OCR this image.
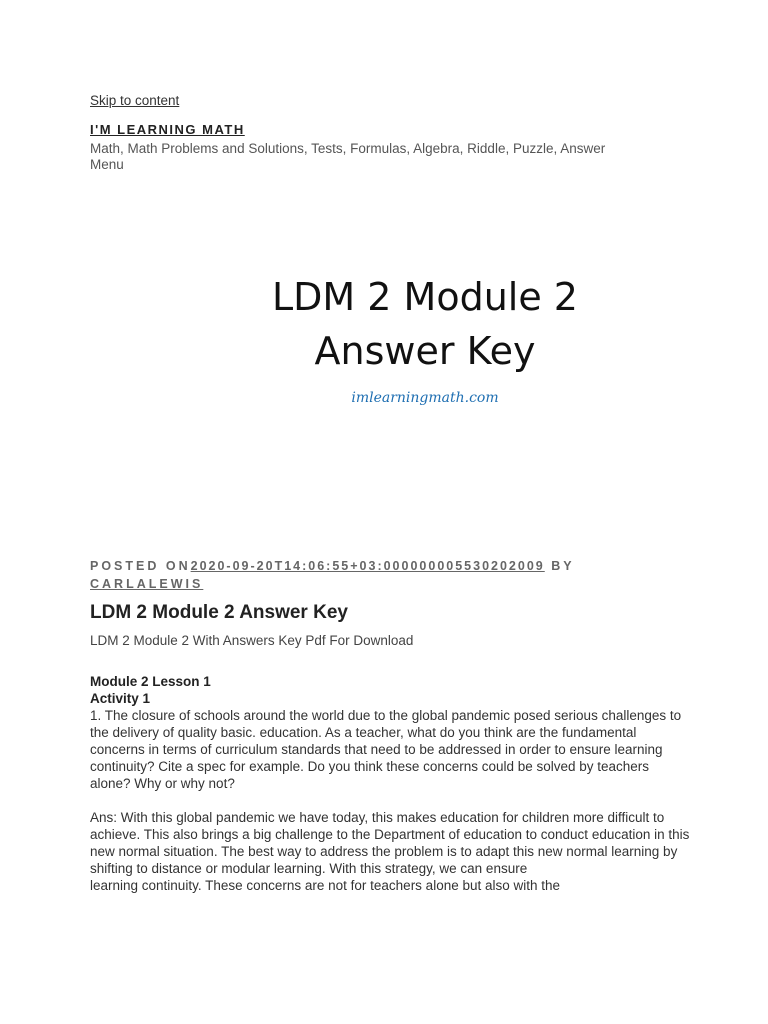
Skip to content
I'M LEARNING MATH
Math, Math Problems and Solutions, Tests, Formulas, Algebra, Riddle, Puzzle, Answer
Menu
LDM 2 Module 2
Answer Key
imlearningmath.com
POSTED ON2020-09-20T14:06:55+03:000000005530202009 BY CARLALEWIS
LDM 2 Module 2 Answer Key
LDM 2 Module 2 With Answers Key Pdf For Download
Module 2 Lesson 1
Activity 1

1. The closure of schools around the world due to the global pandemic posed serious challenges to the delivery of quality basic. education. As a teacher, what do you think are the fundamental concerns in terms of curriculum standards that need to be addressed in order to ensure learning continuity? Cite a spec for example. Do you think these concerns could be solved by teachers alone? Why or why not?

Ans: With this global pandemic we have today, this makes education for children more difficult to achieve. This also brings a big challenge to the Department of education to conduct education in this new normal situation. The best way to address the problem is to adapt this new normal learning by shifting to distance or modular learning. With this strategy, we can ensure

learning continuity. These concerns are not for teachers alone but also with the
